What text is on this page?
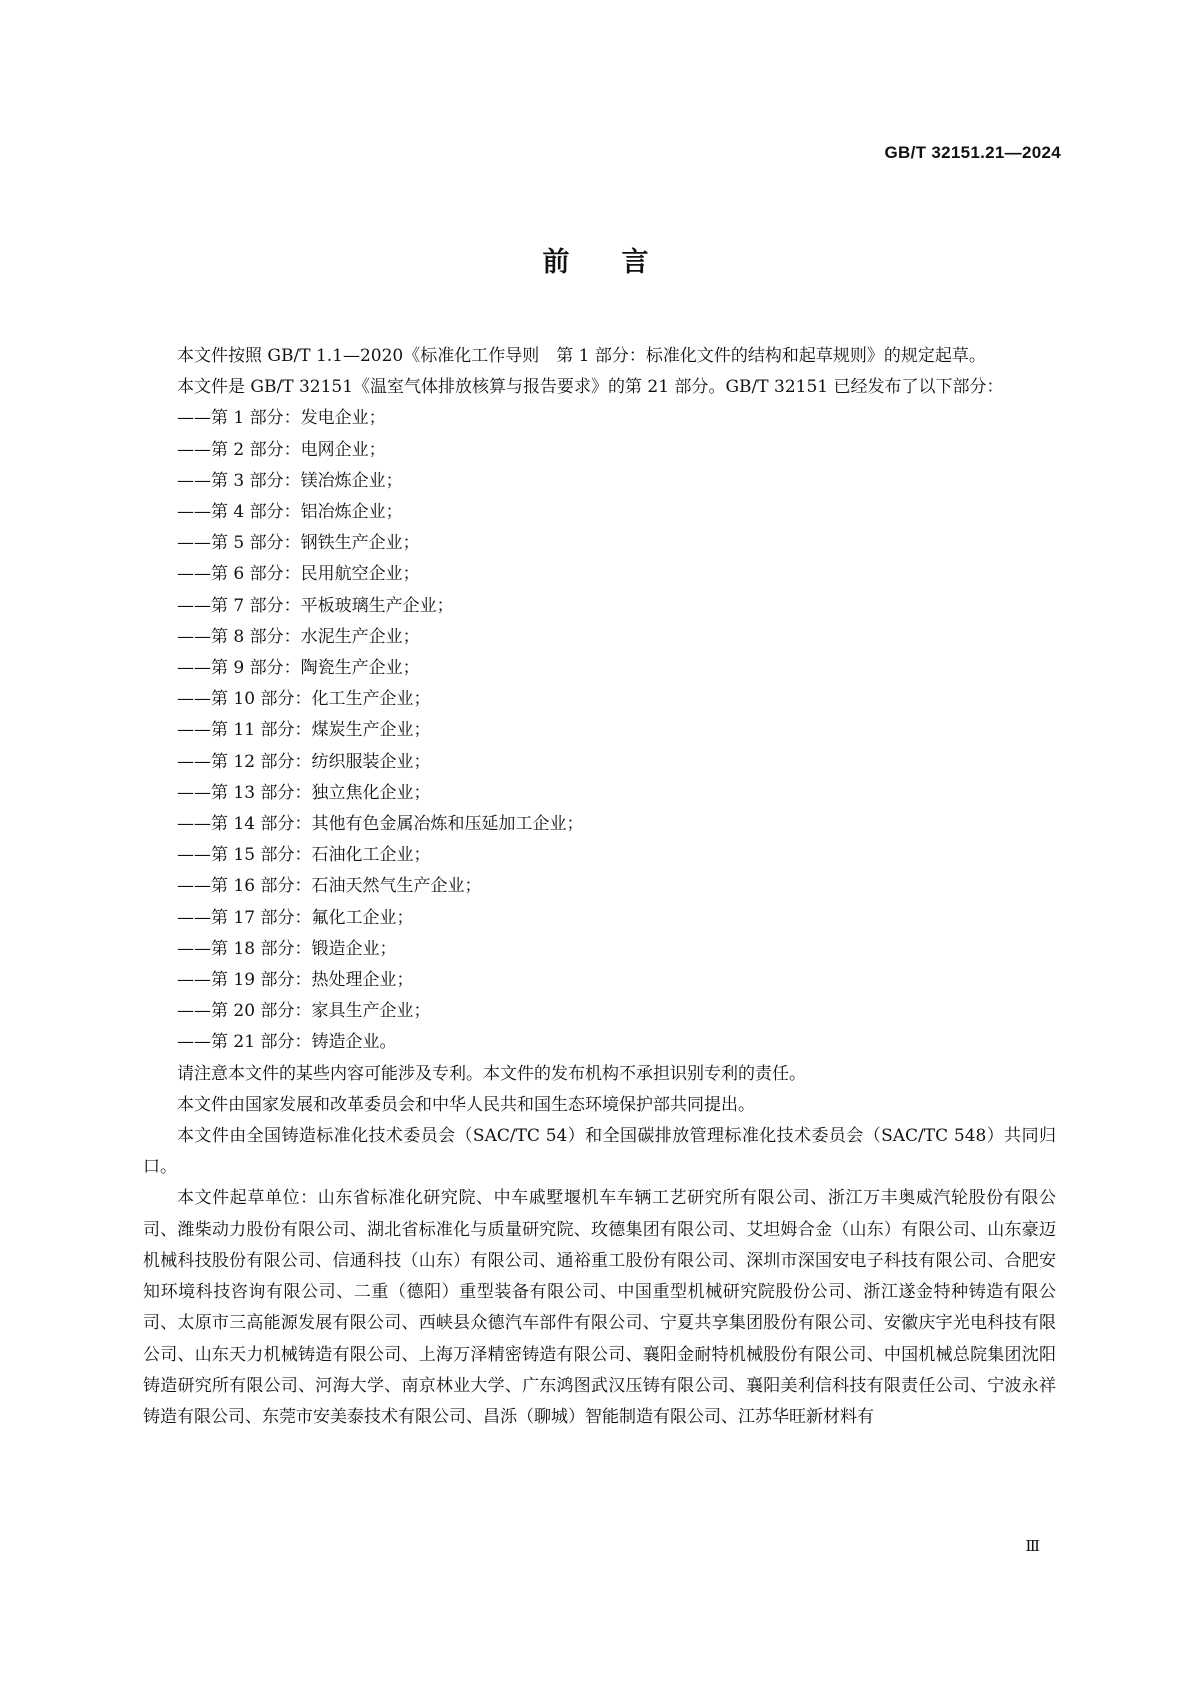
GB/T 32151.21—2024
前言

本文件按照 GB/T 1.1—2020《标准化工作导则　第 1 部分：标准化文件的结构和起草规则》的规定起草。

本文件是 GB/T 32151《温室气体排放核算与报告要求》的第 21 部分。GB/T 32151 已经发布了以下部分：

——第 1 部分：发电企业；
——第 2 部分：电网企业；
——第 3 部分：镁冶炼企业；
——第 4 部分：铝冶炼企业；
——第 5 部分：钢铁生产企业；
——第 6 部分：民用航空企业；
——第 7 部分：平板玻璃生产企业；
——第 8 部分：水泥生产企业；
——第 9 部分：陶瓷生产企业；
——第 10 部分：化工生产企业；
——第 11 部分：煤炭生产企业；
——第 12 部分：纺织服装企业；
——第 13 部分：独立焦化企业；
——第 14 部分：其他有色金属冶炼和压延加工企业；
——第 15 部分：石油化工企业；
——第 16 部分：石油天然气生产企业；
——第 17 部分：氟化工企业；
——第 18 部分：锻造企业；
——第 19 部分：热处理企业；
——第 20 部分：家具生产企业；
——第 21 部分：铸造企业。

请注意本文件的某些内容可能涉及专利。本文件的发布机构不承担识别专利的责任。

本文件由国家发展和改革委员会和中华人民共和国生态环境保护部共同提出。

本文件由全国铸造标准化技术委员会（SAC/TC 54）和全国碳排放管理标准化技术委员会（SAC/TC 548）共同归口。

本文件起草单位：山东省标准化研究院、中车戚墅堰机车车辆工艺研究所有限公司、浙江万丰奥威汽轮股份有限公司、潍柴动力股份有限公司、湖北省标准化与质量研究院、玫德集团有限公司、艾坦姆合金（山东）有限公司、山东豪迈机械科技股份有限公司、信通科技（山东）有限公司、通裕重工股份有限公司、深圳市深国安电子科技有限公司、合肥安知环境科技咨询有限公司、二重（德阳）重型装备有限公司、中国重型机械研究院股份公司、浙江遂金特种铸造有限公司、太原市三高能源发展有限公司、西峡县众德汽车部件有限公司、宁夏共享集团股份有限公司、安徽庆宇光电科技有限公司、山东天力机械铸造有限公司、上海万泽精密铸造有限公司、襄阳金耐特机械股份有限公司、中国机械总院集团沈阳铸造研究所有限公司、河海大学、南京林业大学、广东鸿图武汉压铸有限公司、襄阳美利信科技有限责任公司、宁波永祥铸造有限公司、东莞市安美泰技术有限公司、昌泺（聊城）智能制造有限公司、江苏华旺新材料有

Ⅲ
